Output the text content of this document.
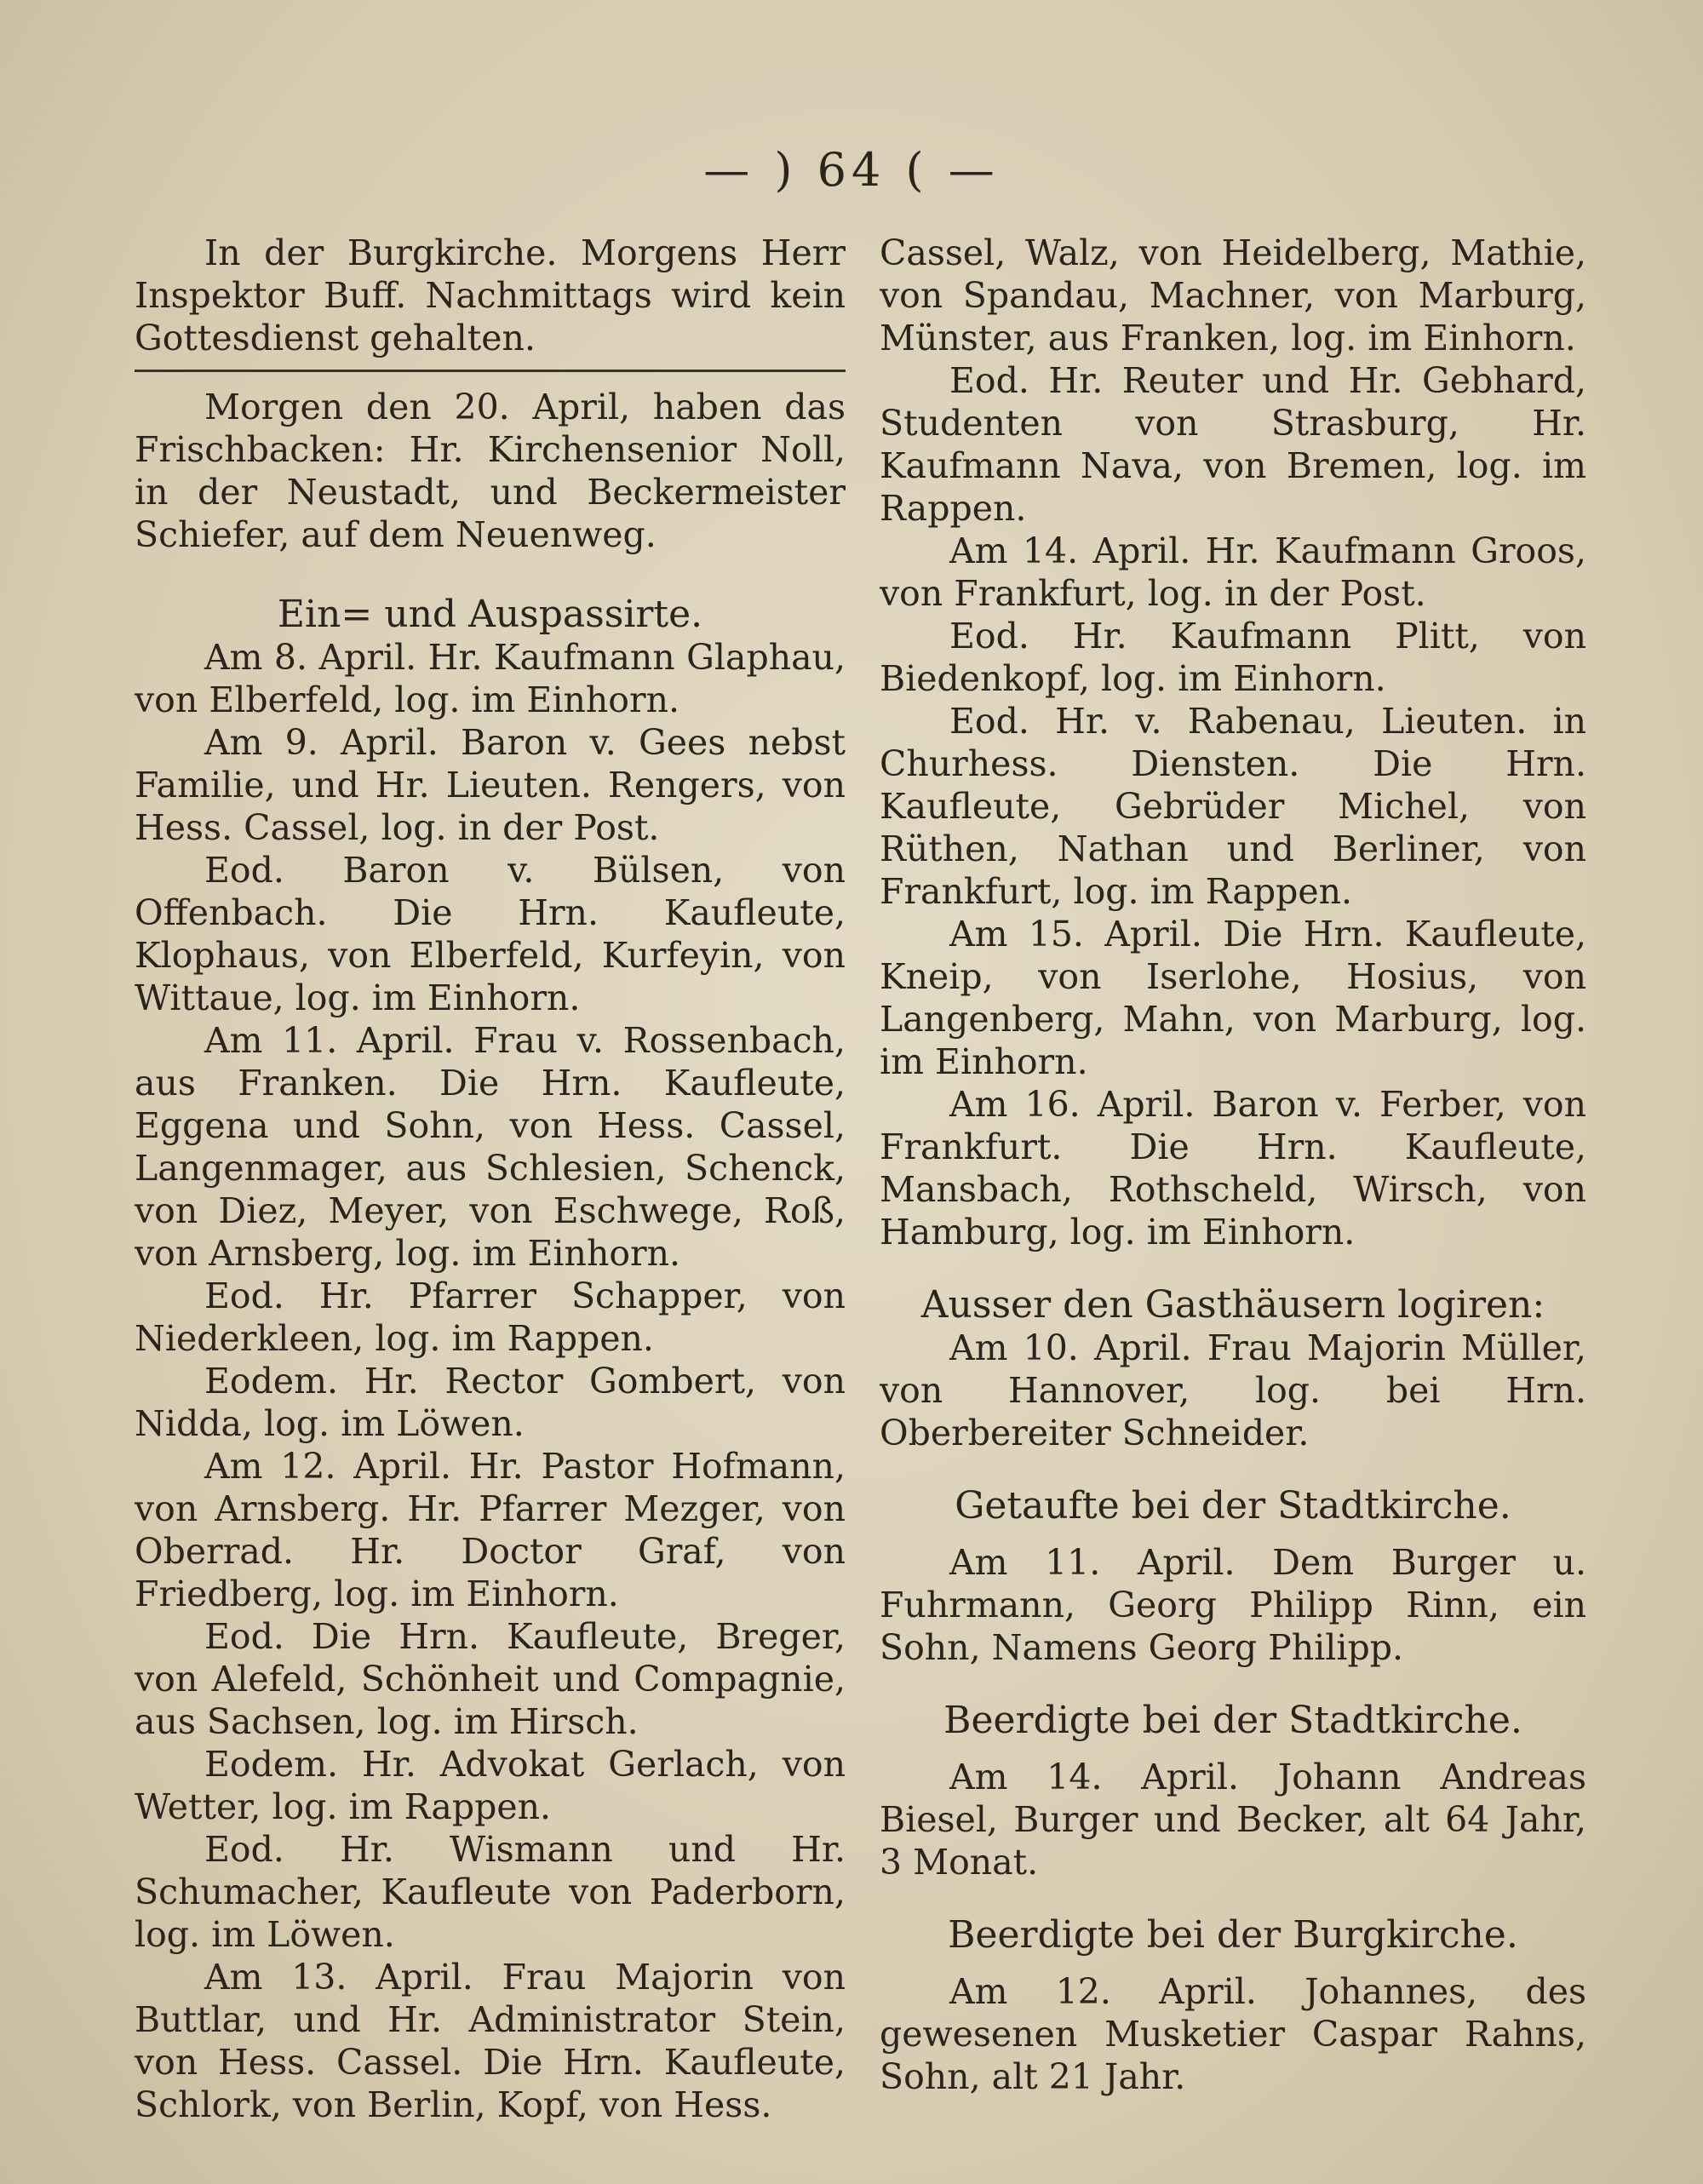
— ) 64 ( —

In der Burgkirche. Morgens Herr Inspektor Buff. Nachmittags wird kein Gottesdienst gehalten.

Morgen den 20. April, haben das Frischbacken: Hr. Kirchensenior Noll, in der Neustadt, und Beckermeister Schiefer, auf dem Neuenweg.

Ein= und Auspassirte.

Am 8. April. Hr. Kaufmann Glaphau, von Elberfeld, log. im Einhorn.

Am 9. April. Baron v. Gees nebst Familie, und Hr. Lieuten. Rengers, von Hess. Cassel, log. in der Post.

Eod. Baron v. Bülsen, von Offenbach. Die Hrn. Kaufleute, Klophaus, von Elberfeld, Kurfeyin, von Wittaue, log. im Einhorn.

Am 11. April. Frau v. Rossenbach, aus Franken. Die Hrn. Kaufleute, Eggena und Sohn, von Hess. Cassel, Langenmager, aus Schlesien, Schenck, von Diez, Meyer, von Eschwege, Roß, von Arnsberg, log. im Einhorn.

Eod. Hr. Pfarrer Schapper, von Niederkleen, log. im Rappen.

Eodem. Hr. Rector Gombert, von Nidda, log. im Löwen.

Am 12. April. Hr. Pastor Hofmann, von Arnsberg. Hr. Pfarrer Mezger, von Oberrad. Hr. Doctor Graf, von Friedberg, log. im Einhorn.

Eod. Die Hrn. Kaufleute, Breger, von Alefeld, Schönheit und Compagnie, aus Sachsen, log. im Hirsch.

Eodem. Hr. Advokat Gerlach, von Wetter, log. im Rappen.

Eod. Hr. Wismann und Hr. Schumacher, Kaufleute von Paderborn, log. im Löwen.

Am 13. April. Frau Majorin von Buttlar, und Hr. Administrator Stein, von Hess. Cassel. Die Hrn. Kaufleute, Schlork, von Berlin, Kopf, von Hess.

Cassel, Walz, von Heidelberg, Mathie, von Spandau, Machner, von Marburg, Münster, aus Franken, log. im Einhorn.

Eod. Hr. Reuter und Hr. Gebhard, Studenten von Strasburg, Hr. Kaufmann Nava, von Bremen, log. im Rappen.

Am 14. April. Hr. Kaufmann Groos, von Frankfurt, log. in der Post.

Eod. Hr. Kaufmann Plitt, von Biedenkopf, log. im Einhorn.

Eod. Hr. v. Rabenau, Lieuten. in Churhess. Diensten. Die Hrn. Kaufleute, Gebrüder Michel, von Rüthen, Nathan und Berliner, von Frankfurt, log. im Rappen.

Am 15. April. Die Hrn. Kaufleute, Kneip, von Iserlohe, Hosius, von Langenberg, Mahn, von Marburg, log. im Einhorn.

Am 16. April. Baron v. Ferber, von Frankfurt. Die Hrn. Kaufleute, Mansbach, Rothscheld, Wirsch, von Hamburg, log. im Einhorn.

Ausser den Gasthäusern logiren:

Am 10. April. Frau Majorin Müller, von Hannover, log. bei Hrn. Oberbereiter Schneider.

Getaufte bei der Stadtkirche.

Am 11. April. Dem Burger u. Fuhrmann, Georg Philipp Rinn, ein Sohn, Namens Georg Philipp.

Beerdigte bei der Stadtkirche.

Am 14. April. Johann Andreas Biesel, Burger und Becker, alt 64 Jahr, 3 Monat.

Beerdigte bei der Burgkirche.

Am 12. April. Johannes, des gewesenen Musketier Caspar Rahns, Sohn, alt 21 Jahr.
